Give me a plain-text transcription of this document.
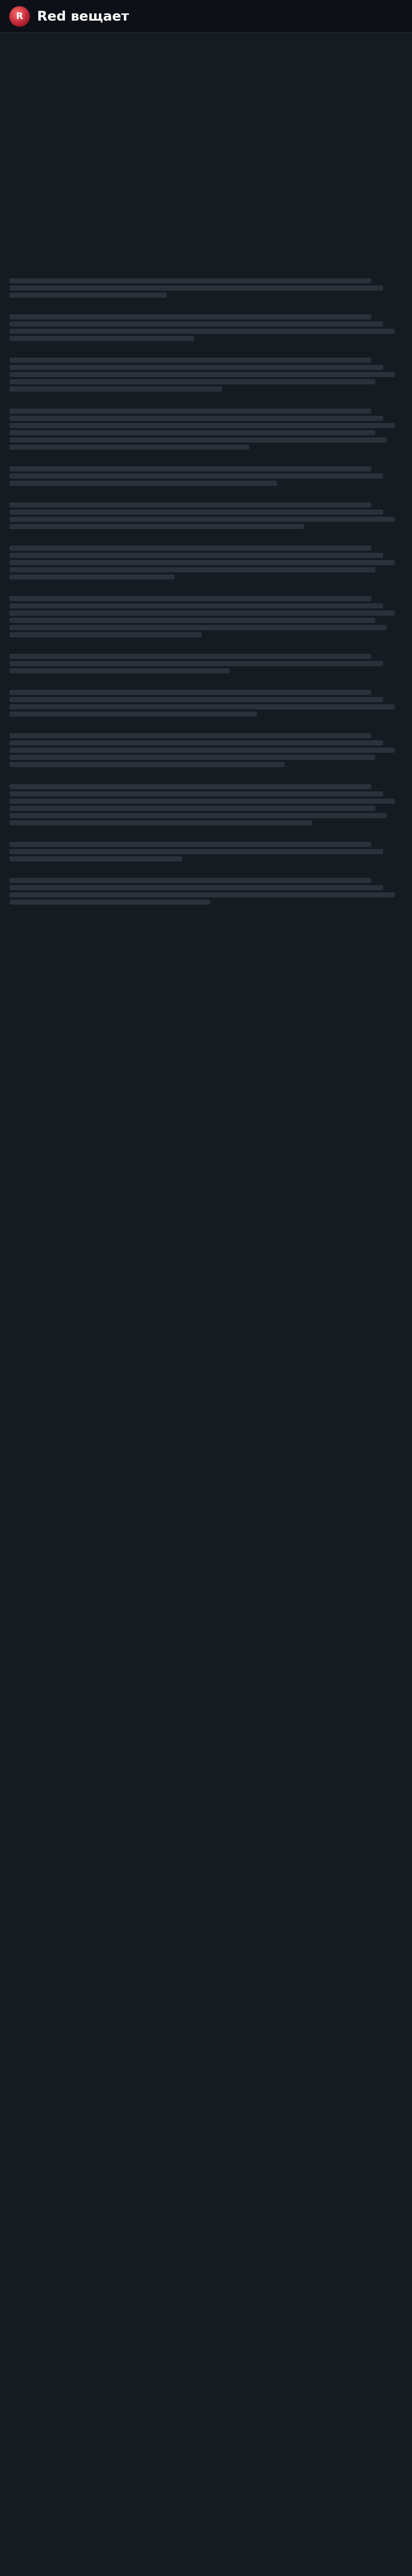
R Red вещает
